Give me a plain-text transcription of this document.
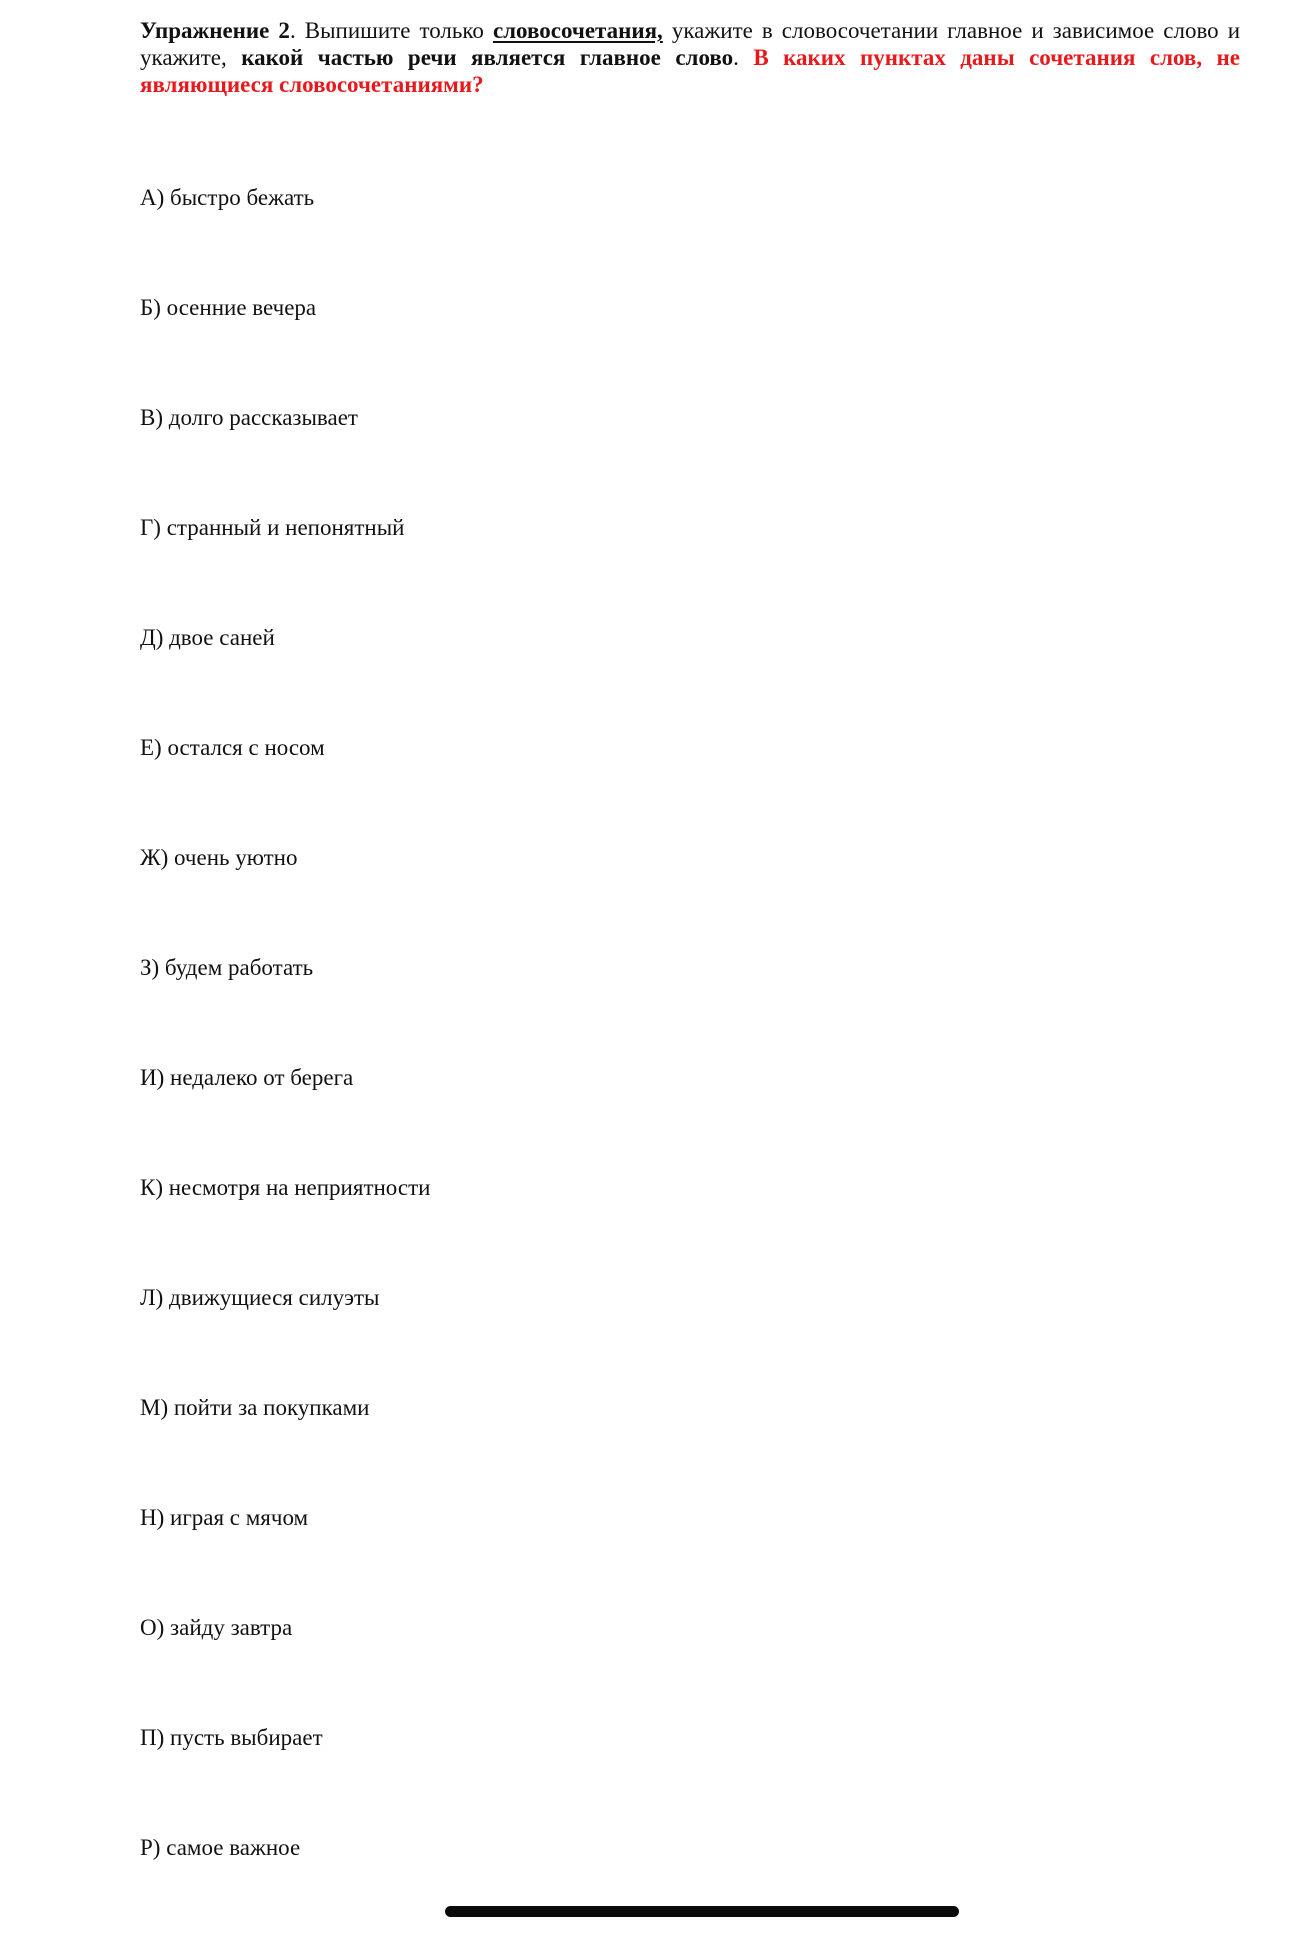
Упражнение 2. Выпишите только словосочетания, укажите в словосочетании главное и зависимое слово и укажите, какой частью речи является главное слово. В каких пунктах даны сочетания слов, не являющиеся словосочетаниями?

А) быстро бежать
Б) осенние вечера
В) долго рассказывает
Г) странный и непонятный
Д) двое саней
Е) остался с носом
Ж) очень уютно
З) будем работать
И) недалеко от берега
К) несмотря на неприятности
Л) движущиеся силуэты
М) пойти за покупками
Н) играя с мячом
О) зайду завтра
П) пусть выбирает
Р) самое важное
